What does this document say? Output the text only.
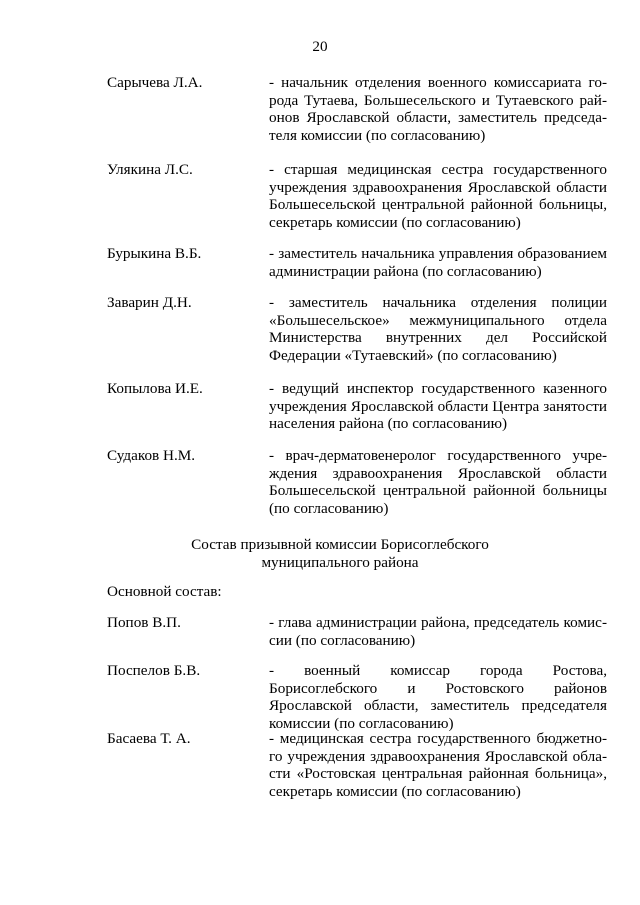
20
Сарычева Л.А.	- начальник отделения военного комиссариата города Тутаева, Большесельского и Тутаевского районов Ярославской области, заместитель председателя комиссии (по согласованию)
Улякина Л.С.	- старшая медицинская сестра государственного учреждения здравоохранения Ярославской области Большесельской центральной районной больницы, секретарь комиссии (по согласованию)
Бурыкина В.Б.	- заместитель начальника управления образованием администрации района (по согласованию)
Заварин Д.Н.	- заместитель начальника отделения полиции «Большесельское» межмуниципального отдела Министерства внутренних дел Российской Федерации «Тутаевский» (по согласованию)
Копылова И.Е.	- ведущий инспектор государственного казенного учреждения Ярославской области Центра занятости населения района (по согласованию)
Судаков Н.М.	- врач-дерматовенеролог государственного учреждения здравоохранения Ярославской области Большесельской центральной районной больницы (по согласованию)
Состав призывной комиссии Борисоглебского
муниципального района
Основной состав:
Попов В.П.	- глава администрации района, председатель комиссии (по согласованию)
Поспелов Б.В.	- военный комиссар города Ростова, Борисоглебского и Ростовского районов Ярославской области, заместитель председателя комиссии (по согласованию)
Басаева Т. А.	- медицинская сестра государственного бюджетного учреждения здравоохранения Ярославской области «Ростовская центральная районная больница», секретарь комиссии (по согласованию)
